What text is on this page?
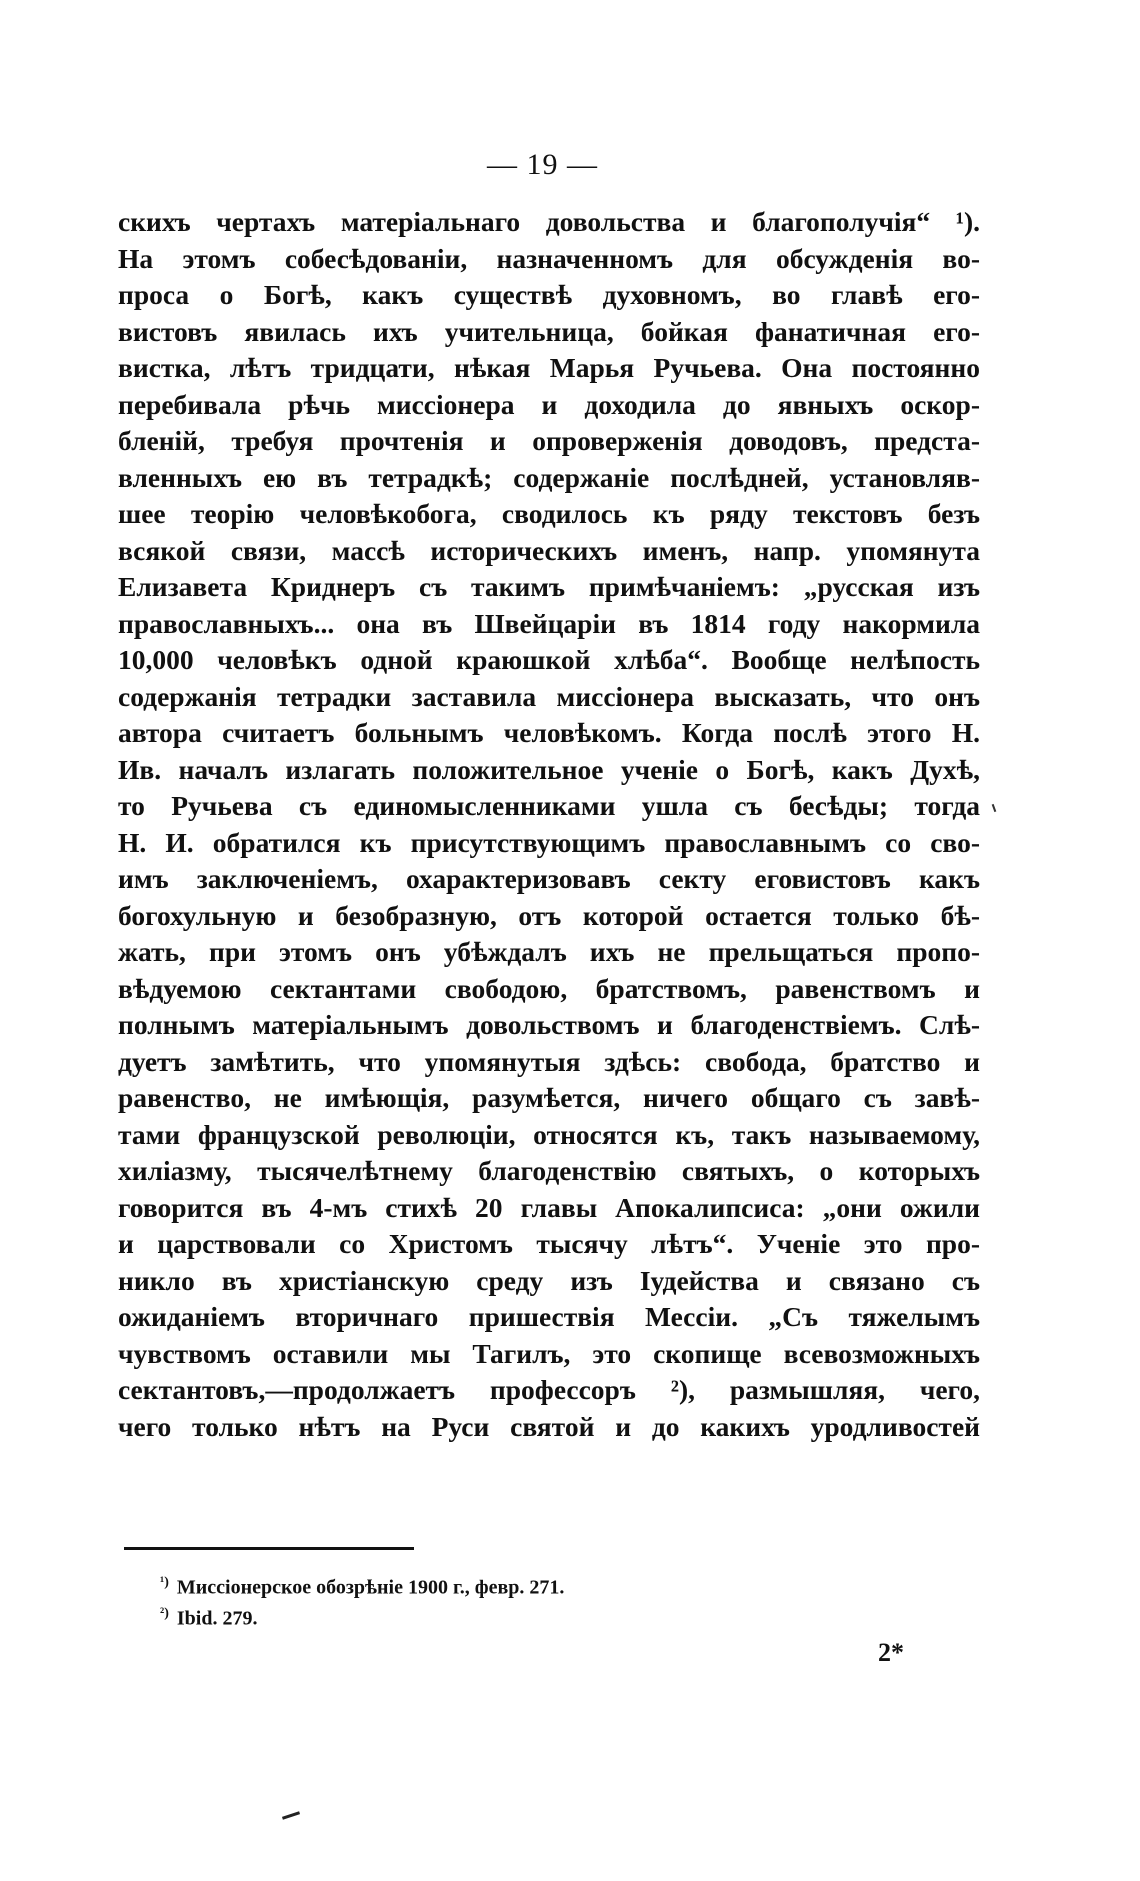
— 19 —
скихъ чертахъ матеріальнаго довольства и благополучія“ ¹).
На этомъ собесѣдованіи, назначенномъ для обсужденія во-
проса о Богѣ, какъ существѣ духовномъ, во главѣ его-
вистовъ явилась ихъ учительница, бойкая фанатичная его-
вистка, лѣтъ тридцати, нѣкая Марья Ручьева. Она постоянно
перебивала рѣчь миссіонера и доходила до явныхъ оскор-
бленій, требуя прочтенія и опроверженія доводовъ, предста-
вленныхъ ею въ тетрадкѣ; содержаніе послѣдней, установляв-
шее теорію человѣкобога, сводилось къ ряду текстовъ безъ
всякой связи, массѣ историческихъ именъ, напр. упомянута
Елизавета Криднеръ съ такимъ примѣчаніемъ: „русская изъ
православныхъ... она въ Швейцаріи въ 1814 году накормила
10,000 человѣкъ одной краюшкой хлѣба“. Вообще нелѣпость
содержанія тетрадки заставила миссіонера высказать, что онъ
автора считаетъ больнымъ человѣкомъ. Когда послѣ этого Н.
Ив. началъ излагать положительное ученіе о Богѣ, какъ Духѣ,
то Ручьева съ единомысленниками ушла съ бесѣды; тогда
Н. И. обратился къ присутствующимъ православнымъ со сво-
имъ заключеніемъ, охарактеризовавъ секту еговистовъ какъ
богохульную и безобразную, отъ которой остается только бѣ-
жать, при этомъ онъ убѣждалъ ихъ не прельщаться пропо-
вѣдуемою сектантами свободою, братствомъ, равенствомъ и
полнымъ матеріальнымъ довольствомъ и благоденствіемъ. Слѣ-
дуетъ замѣтить, что упомянутыя здѣсь: свобода, братство и
равенство, не имѣющія, разумѣется, ничего общаго съ завѣ-
тами французской революціи, относятся къ, такъ называемому,
хиліазму, тысячелѣтнему благоденствію святыхъ, о которыхъ
говорится въ 4-мъ стихѣ 20 главы Апокалипсиса: „они ожили
и царствовали со Христомъ тысячу лѣтъ“. Ученіе это про-
никло въ христіанскую среду изъ Іудейства и связано съ
ожиданіемъ вторичнаго пришествія Мессіи. „Съ тяжелымъ
чувствомъ оставили мы Тагилъ, это скопище всевозможныхъ
сектантовъ,—продолжаетъ профессоръ ²), размышляя, чего,
чего только нѣтъ на Руси святой и до какихъ уродливостей
$^{^1)}$ Миссіонерское обозрѣніе 1900 г., февр. 271.
$^{^2)}$ Ibid. 279.
2*
